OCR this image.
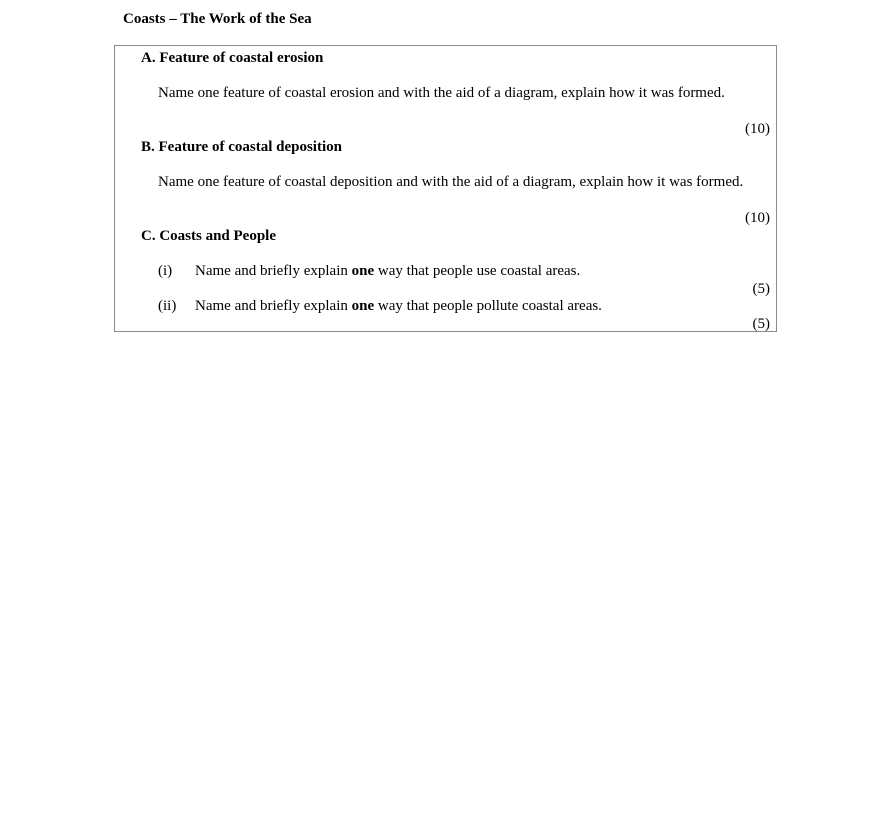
Coasts – The Work of the Sea
A. Feature of coastal erosion
Name one feature of coastal erosion and with the aid of a diagram, explain how it was formed.
(10)
B. Feature of coastal deposition
Name one feature of coastal deposition and with the aid of a diagram, explain how it was formed.
(10)
C. Coasts and People
(i) Name and briefly explain one way that people use coastal areas.
(5)
(ii) Name and briefly explain one way that people pollute coastal areas.
(5)
